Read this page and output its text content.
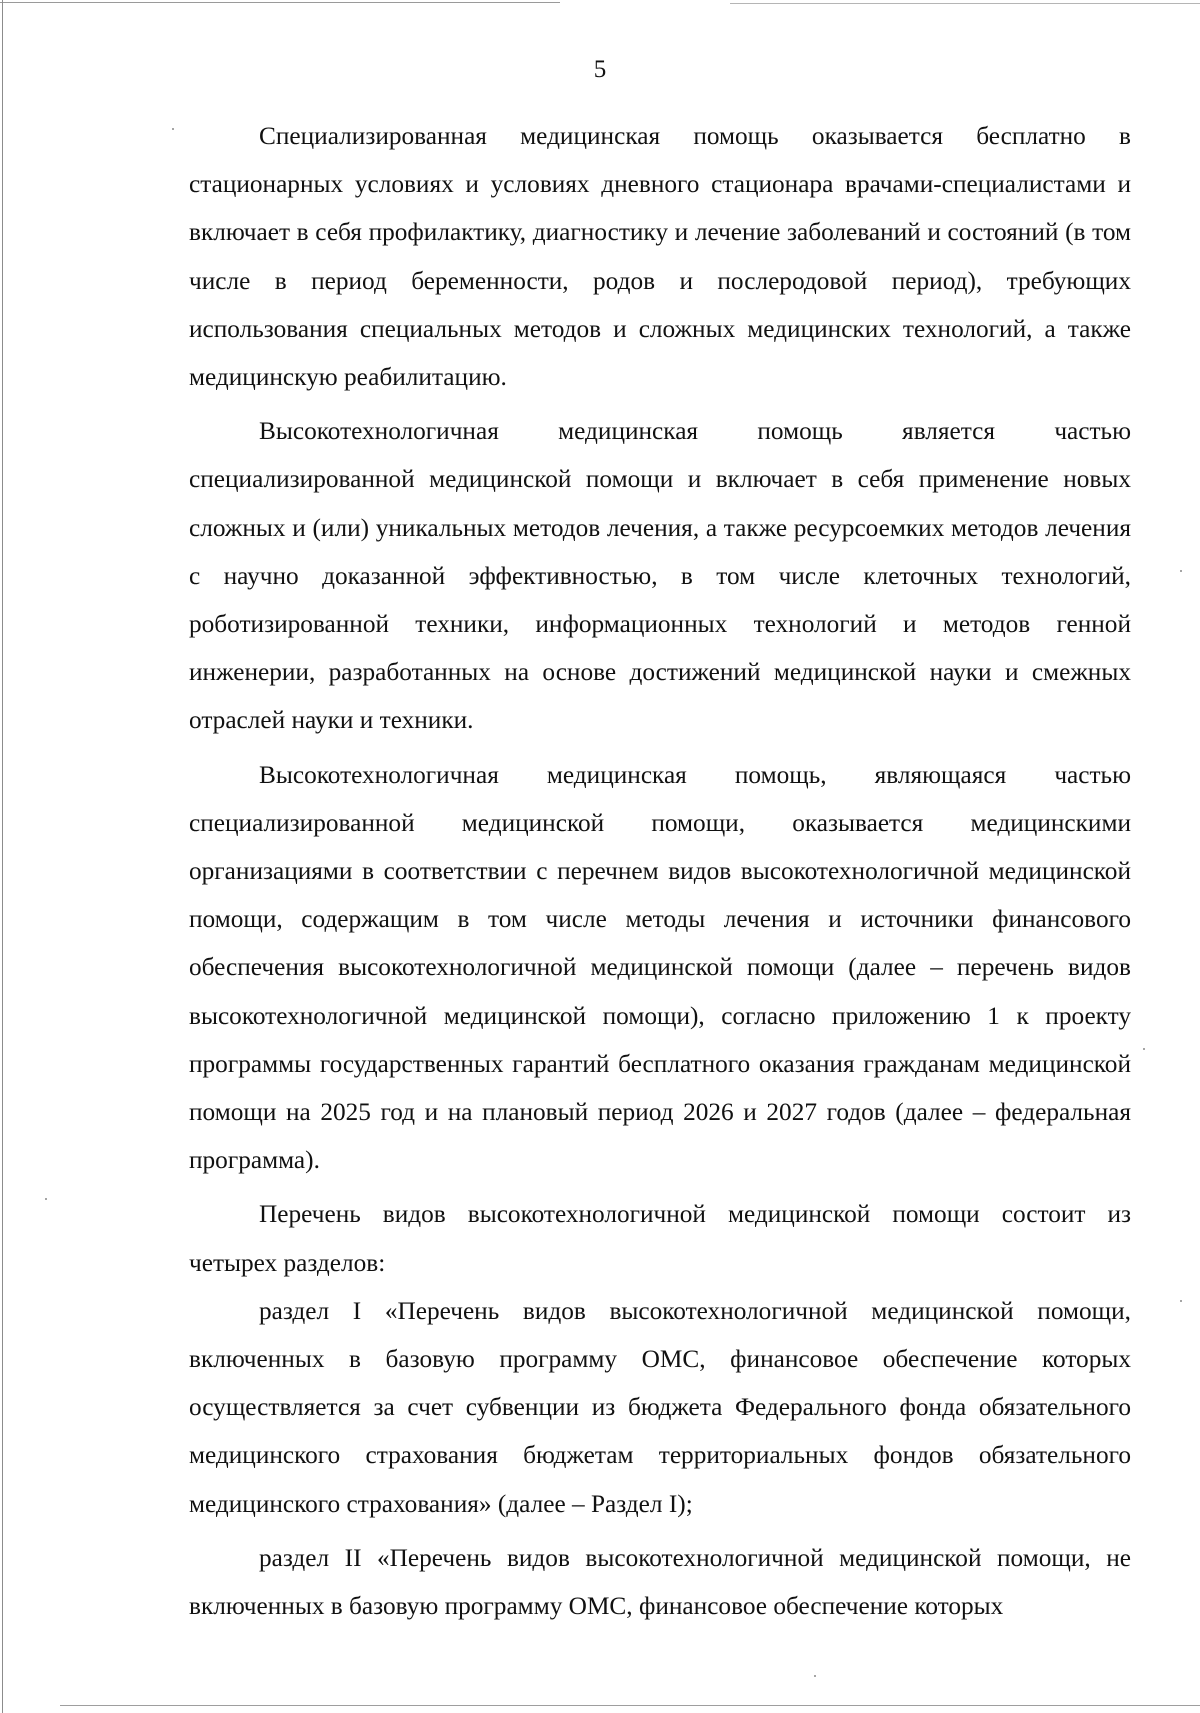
5

Специализированная медицинская помощь оказывается бесплатно в стационарных условиях и условиях дневного стационара врачами-специалистами и включает в себя профилактику, диагностику и лечение заболеваний и состояний (в том числе в период беременности, родов и послеродовой период), требующих использования специальных методов и сложных медицинских технологий, а также медицинскую реабилитацию.

Высокотехнологичная медицинская помощь является частью специализированной медицинской помощи и включает в себя применение новых сложных и (или) уникальных методов лечения, а также ресурсоемких методов лечения с научно доказанной эффективностью, в том числе клеточных технологий, роботизированной техники, информационных технологий и методов генной инженерии, разработанных на основе достижений медицинской науки и смежных отраслей науки и техники.

Высокотехнологичная медицинская помощь, являющаяся частью специализированной медицинской помощи, оказывается медицинскими организациями в соответствии с перечнем видов высокотехнологичной медицинской помощи, содержащим в том числе методы лечения и источники финансового обеспечения высокотехнологичной медицинской помощи (далее – перечень видов высокотехнологичной медицинской помощи), согласно приложению 1 к проекту программы государственных гарантий бесплатного оказания гражданам медицинской помощи на 2025 год и на плановый период 2026 и 2027 годов (далее – федеральная программа).

Перечень видов высокотехнологичной медицинской помощи состоит из четырех разделов:

раздел I «Перечень видов высокотехнологичной медицинской помощи, включенных в базовую программу ОМС, финансовое обеспечение которых осуществляется за счет субвенции из бюджета Федерального фонда обязательного медицинского страхования бюджетам территориальных фондов обязательного медицинского страхования» (далее – Раздел I);

раздел II «Перечень видов высокотехнологичной медицинской помощи, не включенных в базовую программу ОМС, финансовое обеспечение которых
